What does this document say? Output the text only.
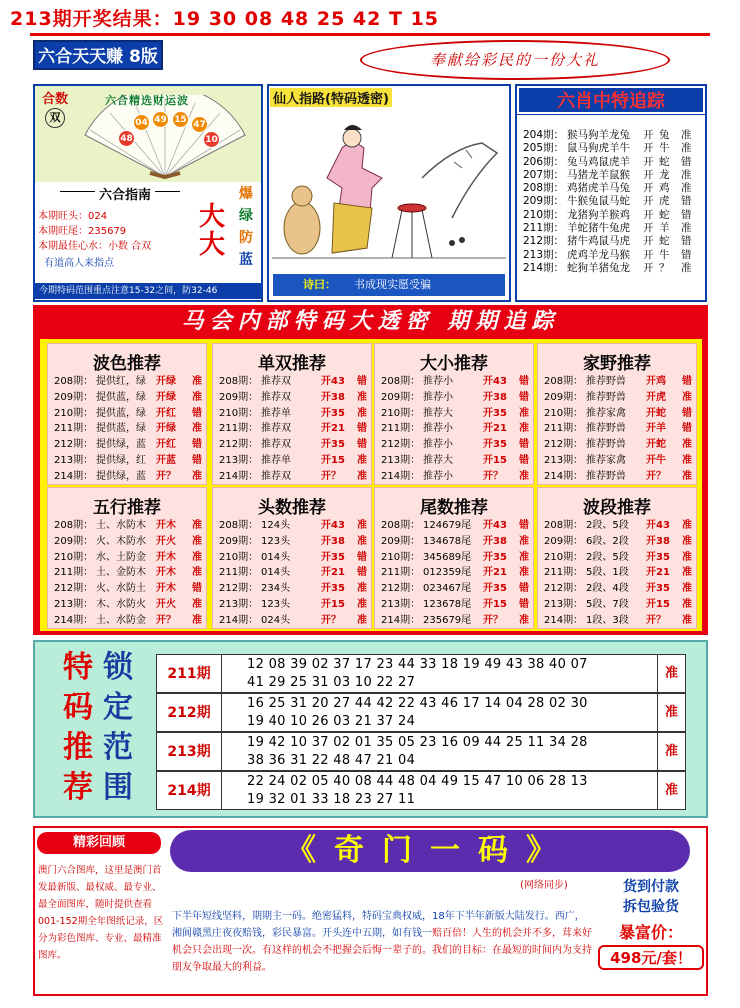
213期开奖结果：19 30 08 48 25 42 T 15
六合天天赚 8版	奉献给彩民的一份大礼
合数
双
六合精选财运波
48
04 49 15 47
10
六合指南
本期旺头：024
本期旺尾：235679
本期最佳心水：小数 合双
有道高人来指点
大
大
爆
绿
防
蓝
今期特码范围重点注意15-32之间，防32-46
仙人指路(特码透密)
诗曰： 书成现实愿受骗
六肖中特追踪
204期： 猴马狗羊龙兔 开 兔 准
205期： 鼠马狗虎羊牛 开 牛 准
206期： 兔马鸡鼠虎羊 开 蛇 错
207期： 马猪龙羊鼠猴 开 龙 准
208期： 鸡猪虎羊马兔 开 鸡 准
209期： 牛猴兔鼠马蛇 开 虎 错
210期： 龙猪狗羊猴鸡 开 蛇 错
211期： 羊蛇猪牛兔虎 开 羊 准
212期： 猪牛鸡鼠马虎 开 蛇 错
213期： 虎鸡羊龙马猴 开 牛 错
214期： 蛇狗羊猪兔龙 开 ？ 准
马会内部特码大透密 期期追踪
波色推荐
208期： 提供红，绿 开绿 准
209期： 提供蓝，绿 开绿 准
210期： 提供蓝，绿 开红 错
211期： 提供蓝，绿 开绿 准
212期： 提供绿，蓝 开红 错
213期： 提供绿，红 开蓝 错
214期： 提供绿，蓝 开？ 准
单双推荐
208期： 推荐双	开43 错
209期： 推荐双	开38 准
210期： 推荐单	开35 准
211期： 推荐双	开21 错
212期： 推荐双	开35 错
213期： 推荐单	开15 准
214期： 推荐双	开？ 准
大小推荐
208期： 推荐小	开43 错
209期： 推荐小	开38 错
210期： 推荐大	开35 准
211期： 推荐小	开21 准
212期： 推荐小	开35 错
213期： 推荐大	开15 错
214期： 推荐小	开？ 准
家野推荐
208期： 推荐野兽 开鸡 错
209期： 推荐野兽 开虎 准
210期： 推荐家禽 开蛇 错
211期： 推荐野兽 开羊 错
212期： 推荐野兽 开蛇 准
213期： 推荐家禽 开牛 准
214期： 推荐野兽 开？ 准
五行推荐
208期： 土、水防木 开木 准
209期： 火、木防水 开火 准
210期： 水、土防金 开木 准
211期： 土、金防木 开木 准
212期： 火、水防土 开木 错
213期： 木、水防火 开火 准
214期： 土、水防金 开？ 准
头数推荐
208期： 124头	开43 准
209期： 123头	开38 准
210期： 014头	开35 错
211期： 014头	开21 错
212期： 234头	开35 准
213期： 123头	开15 准
214期： 024头	开？ 准
尾数推荐
208期： 124679尾 开43 错
209期： 134678尾 开38 准
210期： 345689尾 开35 准
211期： 012359尾 开21 准
212期： 023467尾 开35 错
213期： 123678尾 开15 错
214期： 235679尾 开？ 准
波段推荐
208期： 2段、5段 开43 准
209期： 6段、2段 开38 准
210期： 2段、5段 开35 准
211期： 5段、1段 开21 准
212期： 2段、4段 开35 准
213期： 5段、7段 开15 准
214期： 1段、3段 开？ 准
特
码
推
荐
锁
定
范
围
211期
12 08 39 02 37 17 23 44 33 18 19 49 43 38 40 07
41 29 25 31 03 10 22 27
准
212期
16 25 31 20 27 44 42 22 43 46 17 14 04 28 02 30
19 40 10 26 03 21 37 24
准
213期
19 42 10 37 02 01 35 05 23 16 09 44 25 11 34 28
38 36 31 22 48 47 21 04
准
214期
22 24 02 05 40 08 44 48 04 49 15 47 10 06 28 13
19 32 01 33 18 23 27 11
准
精彩回顾
澳门六合图库，这里是澳门首发最新版、最权威、最专业、最全面图库，随时提供查看001-152期全年图纸记录，区分为彩色图库、专业、最精准图库。
《奇门一码》
(网络同步)
下半年短线坚料，期期主一码。绝密猛料，特码宝典权威，18年下半年新版大陆发行。西广，湘阆赣黑庄夜夜赔钱，彩民暴富。开头连中五期，如有钱一赔百倍！人生的机会并不多，茸来好机会只会出现一次。有这样的机会不把握会后悔一辈子的。我们的目标：在最短的时间内为支持朋友争取最大的利益。
货到付款
拆包验货
暴富价：
498元/套！
